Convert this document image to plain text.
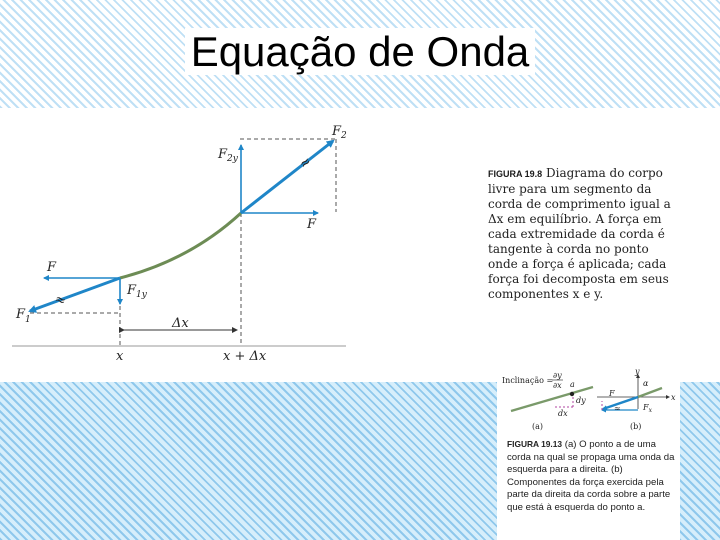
Equação de Onda
≈
≈
$F_2$
$F_{2y}$
F
F
$F_1$
$F_{1y}$
Δx
x	x + Δx
FIGURA 19.8 Diagrama do corpo livre para um segmento da corda de comprimento igual a Δx em equilíbrio. A força em cada extremidade da corda é tangente à corda no ponto onde a força é aplicada; cada força foi decomposta em seus componentes x e y.
Inclinação =
∂y
∂x a
dy
dx
(a)
y
x
α
F
$F_x$
≈
(b)
FIGURA 19.13 (a) O ponto a de uma corda na qual se propaga uma onda da esquerda para a direita. (b) Componentes da força exercida pela parte da direita da corda sobre a parte que está à esquerda do ponto a.
